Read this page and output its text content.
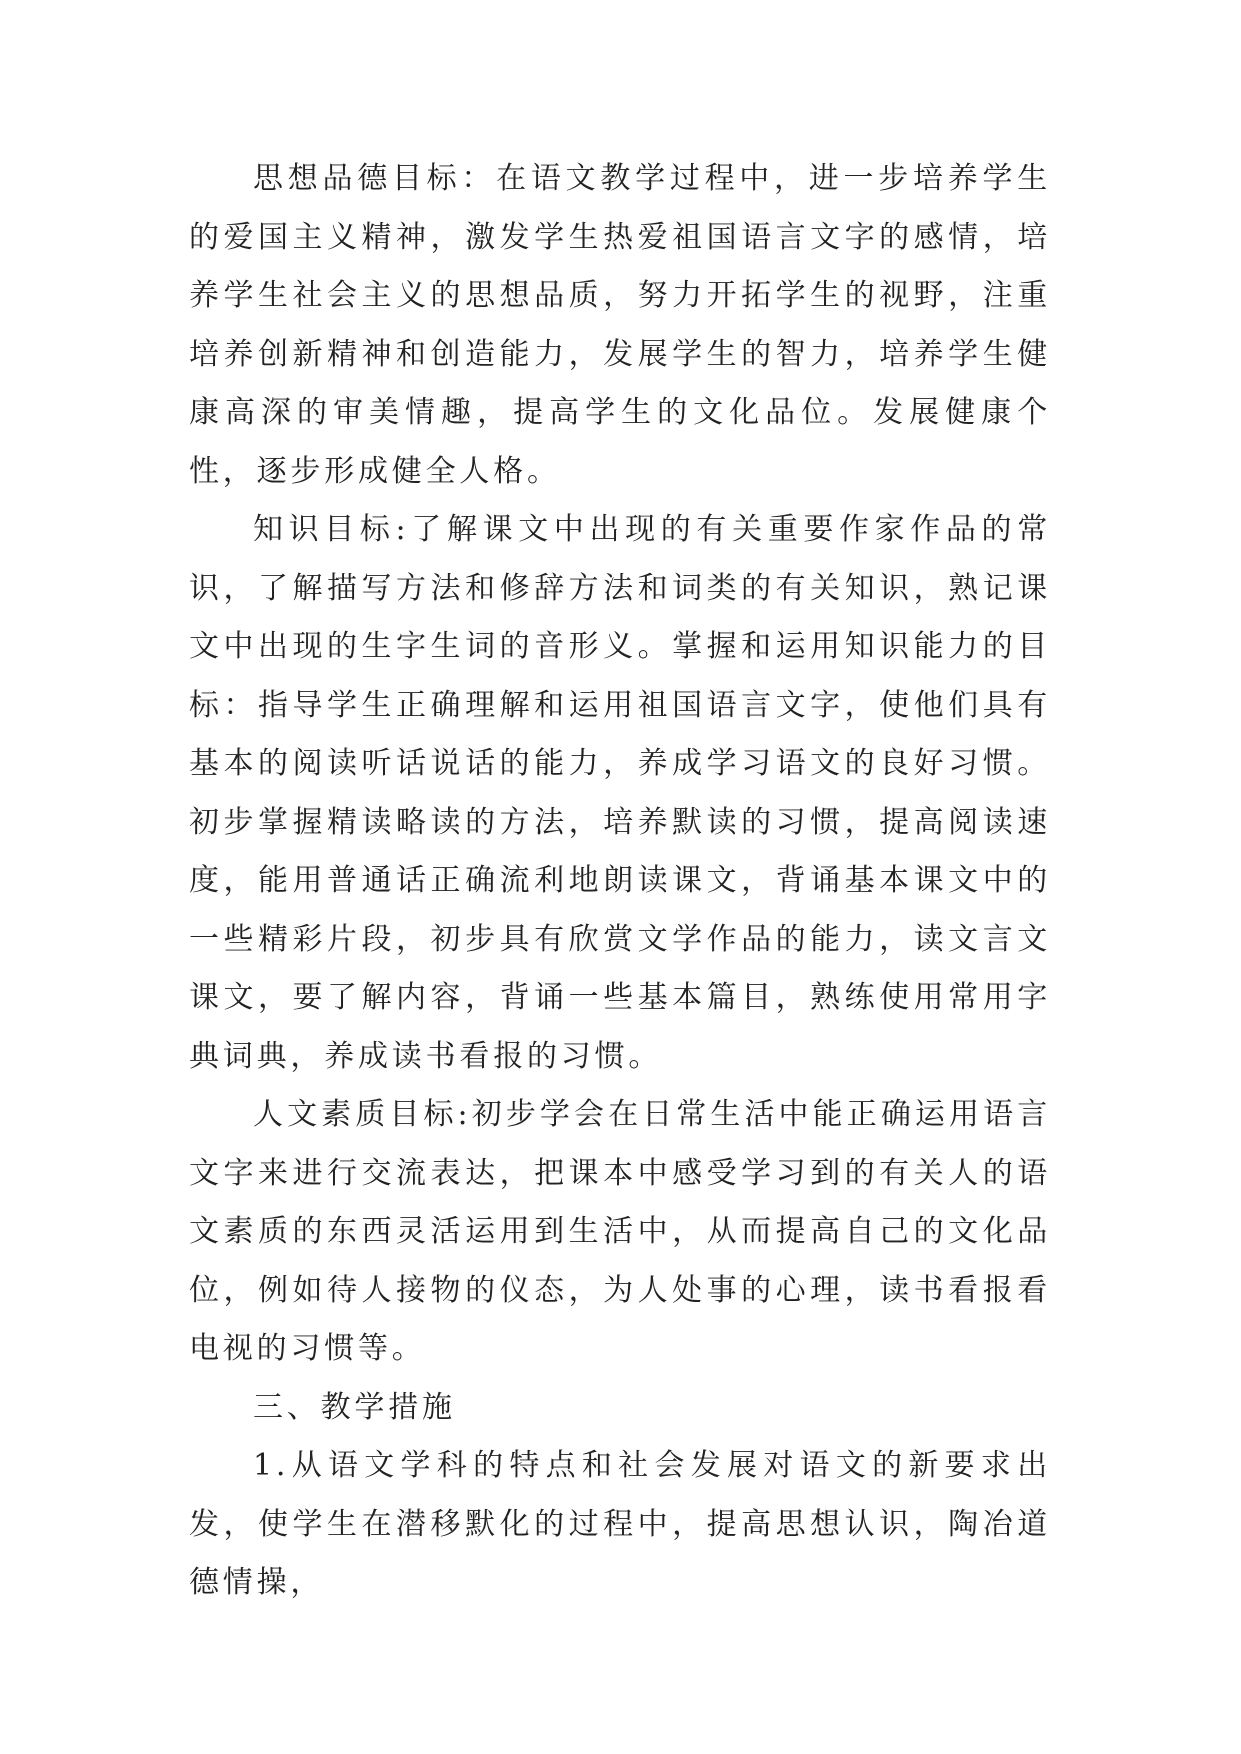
思想品德目标：在语文教学过程中，进一步培养学生的爱国主义精神，激发学生热爱祖国语言文字的感情，培养学生社会主义的思想品质，努力开拓学生的视野，注重培养创新精神和创造能力，发展学生的智力，培养学生健康高深的审美情趣，提高学生的文化品位。发展健康个性，逐步形成健全人格。

知识目标:了解课文中出现的有关重要作家作品的常识，了解描写方法和修辞方法和词类的有关知识，熟记课文中出现的生字生词的音形义。掌握和运用知识能力的目标：指导学生正确理解和运用祖国语言文字，使他们具有基本的阅读听话说话的能力，养成学习语文的良好习惯。初步掌握精读略读的方法，培养默读的习惯，提高阅读速度，能用普通话正确流利地朗读课文，背诵基本课文中的一些精彩片段，初步具有欣赏文学作品的能力，读文言文课文，要了解内容，背诵一些基本篇目，熟练使用常用字典词典，养成读书看报的习惯。

人文素质目标:初步学会在日常生活中能正确运用语言文字来进行交流表达，把课本中感受学习到的有关人的语文素质的东西灵活运用到生活中，从而提高自己的文化品位，例如待人接物的仪态，为人处事的心理，读书看报看电视的习惯等。

三、教学措施

1.从语文学科的特点和社会发展对语文的新要求出发，使学生在潜移默化的过程中，提高思想认识，陶冶道德情操，
